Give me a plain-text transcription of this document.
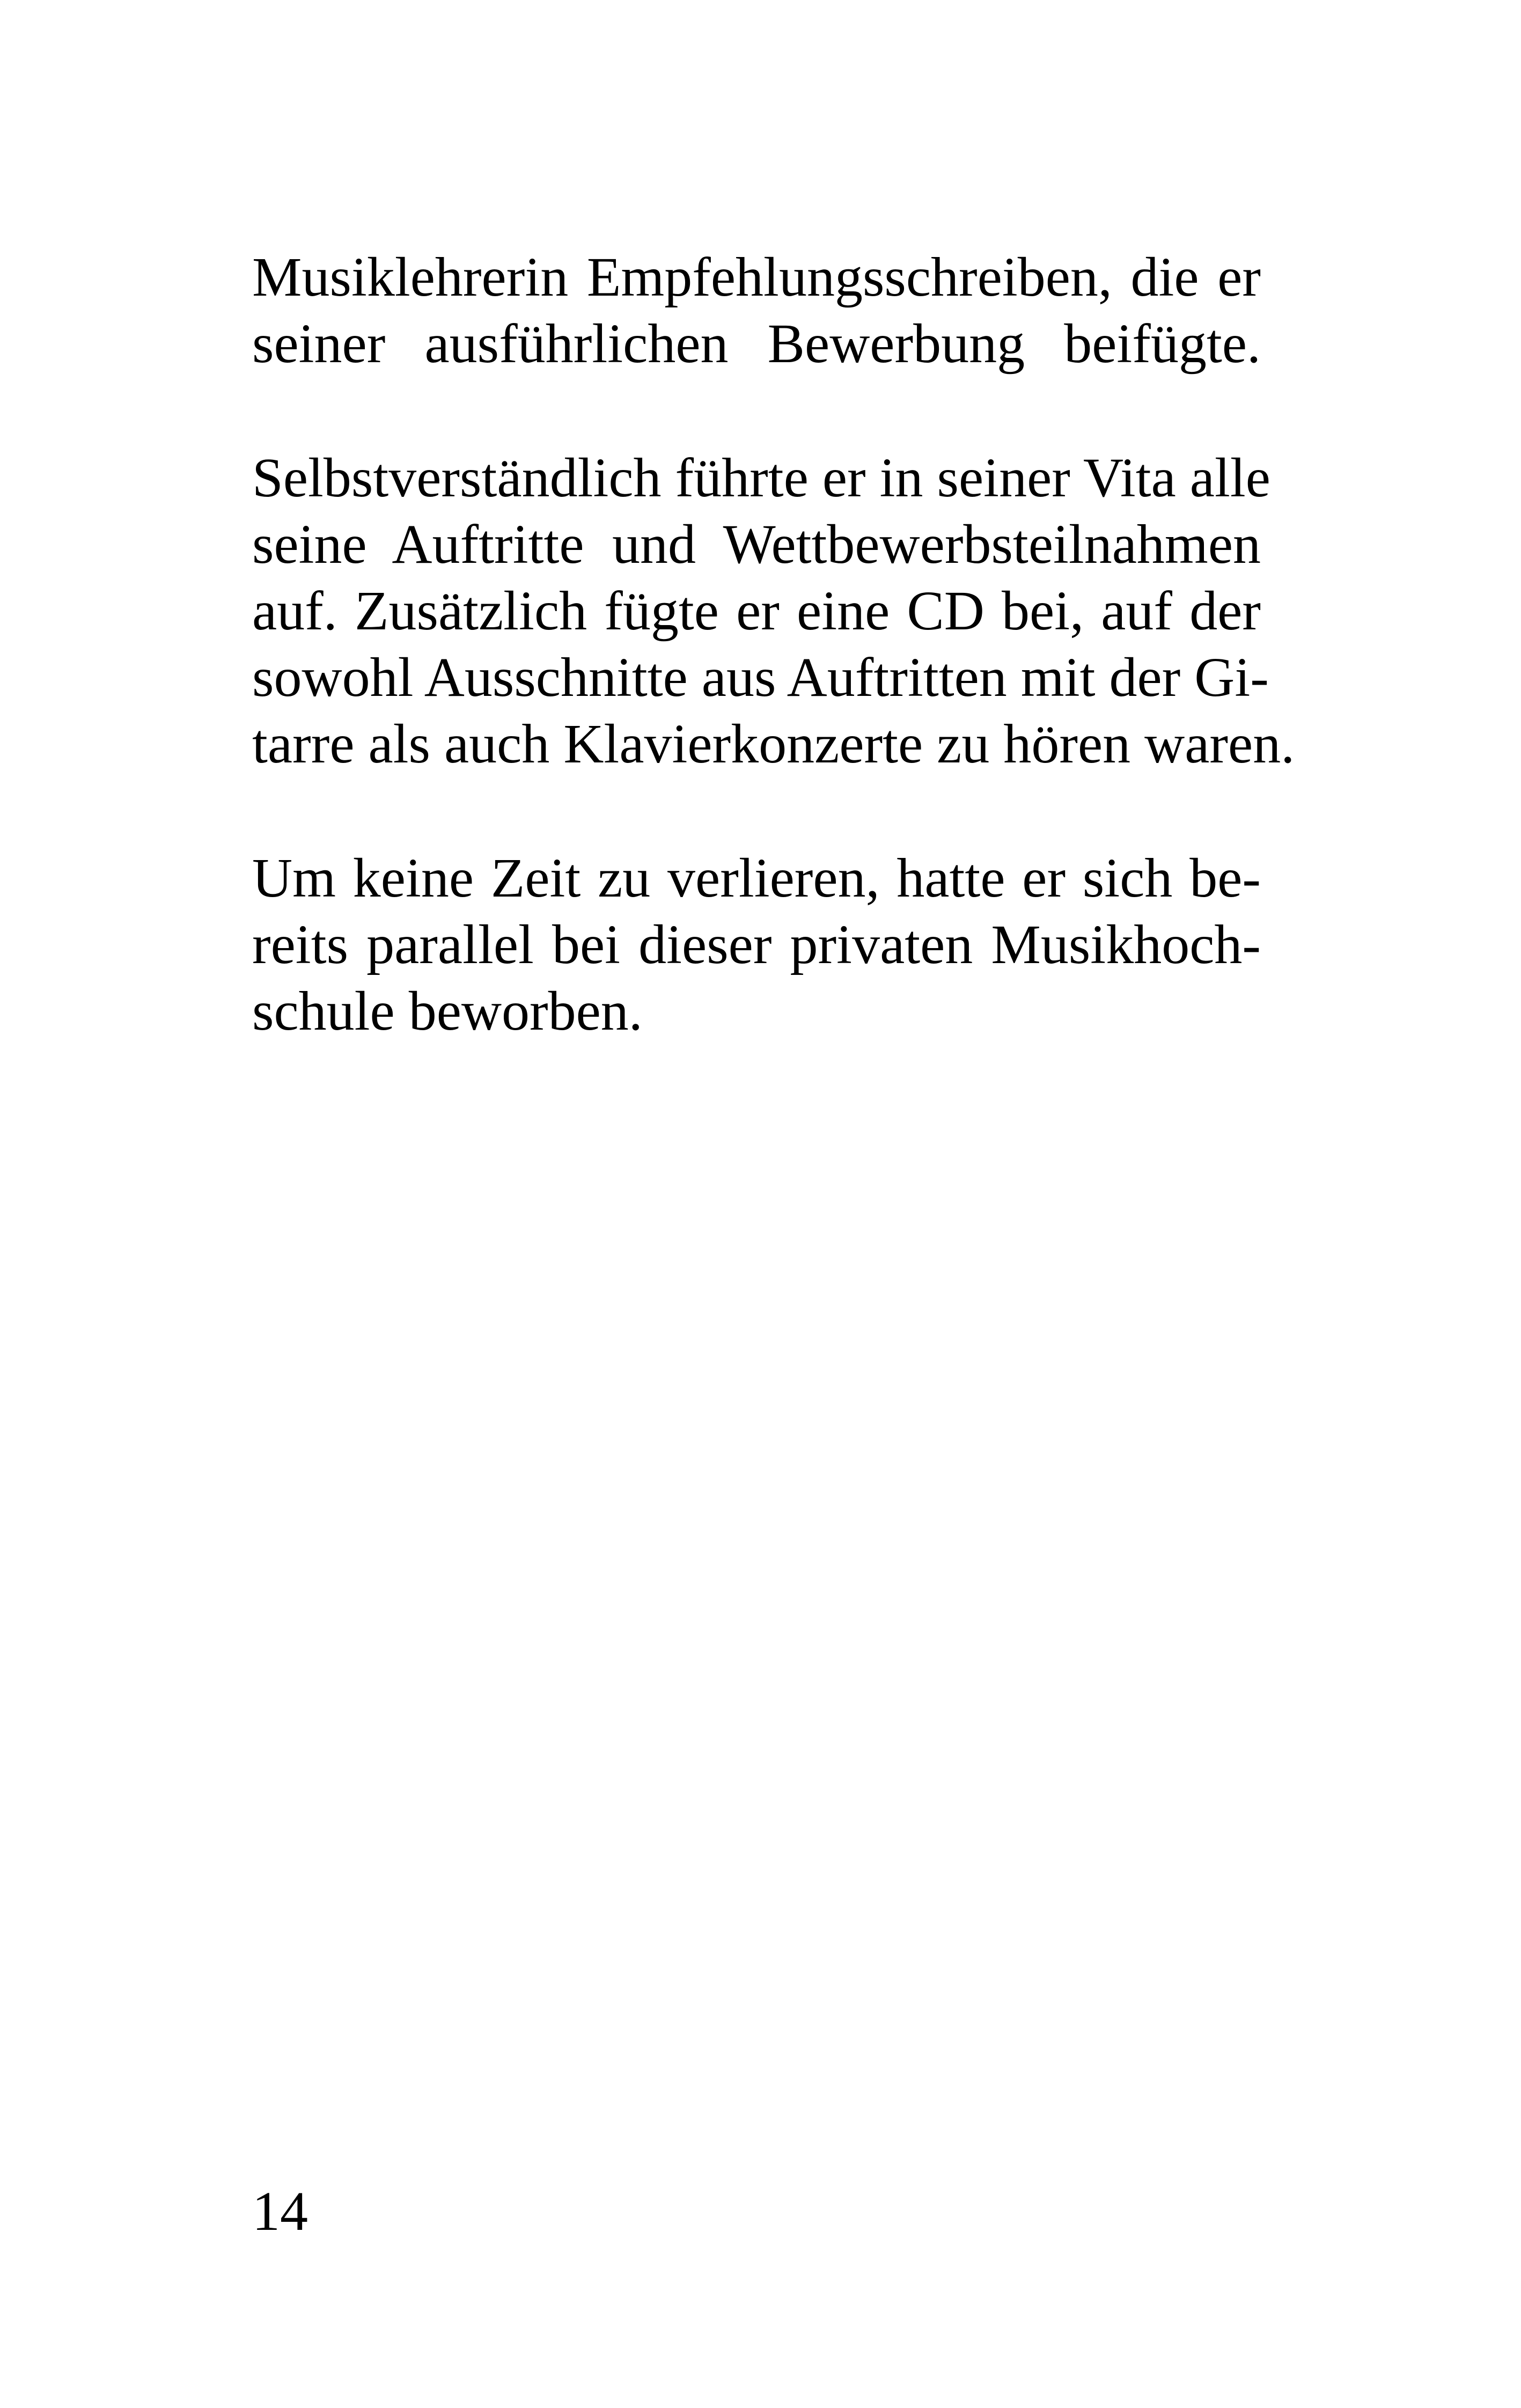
Musiklehrerin Empfehlungsschreiben, die er
seiner ausführlichen Bewerbung beifügte.

Selbstverständlich führte er in seiner Vita alle
seine Auftritte und Wettbewerbsteilnahmen
auf. Zusätzlich fügte er eine CD bei, auf der
sowohl Ausschnitte aus Auftritten mit der Gi-
tarre als auch Klavierkonzerte zu hören waren.

Um keine Zeit zu verlieren, hatte er sich be-
reits parallel bei dieser privaten Musikhoch-
schule beworben.

14
